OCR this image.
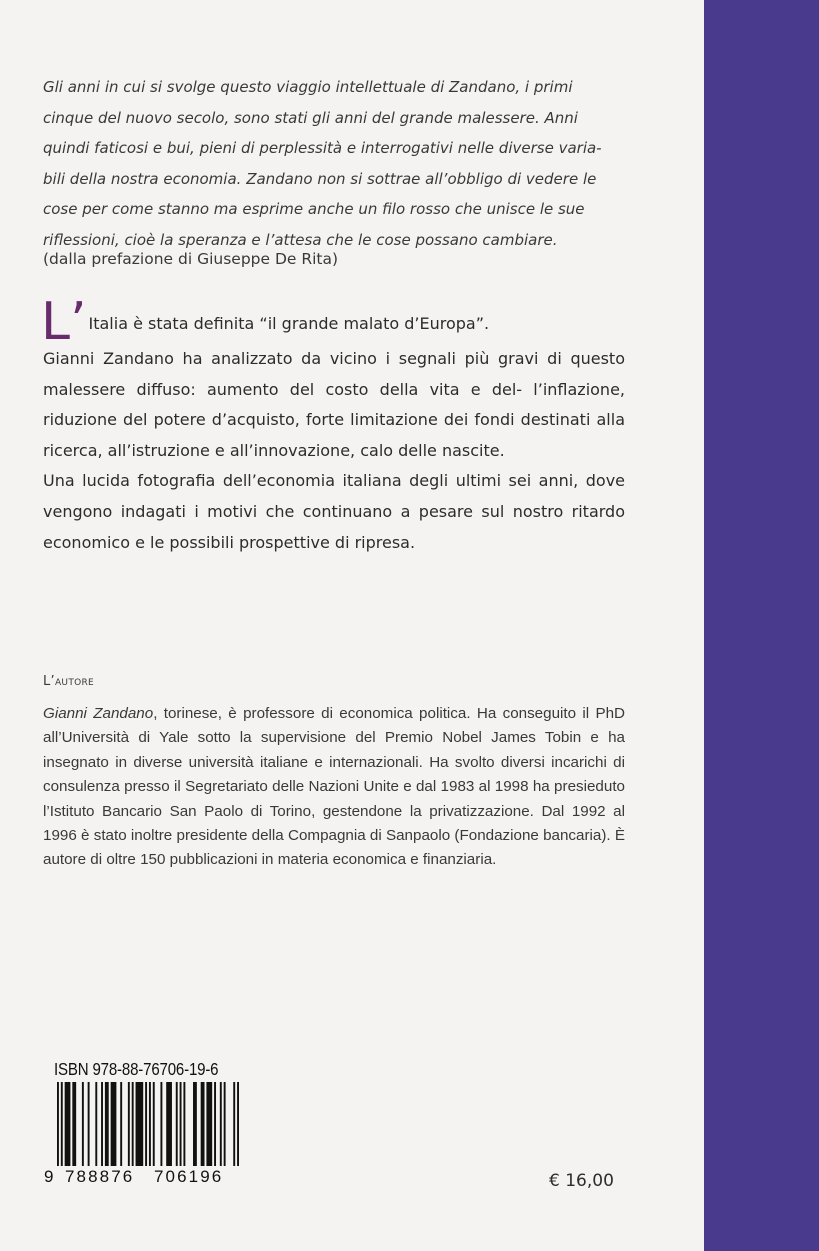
Gli anni in cui si svolge questo viaggio intellettuale di Zandano, i primi
cinque del nuovo secolo, sono stati gli anni del grande malessere. Anni
quindi faticosi e bui, pieni di perplessità e interrogativi nelle diverse varia-
bili della nostra economia. Zandano non si sottrae all’obbligo di vedere le
cose per come stanno ma esprime anche un filo rosso che unisce le sue
riflessioni, cioè la speranza e l’attesa che le cose possano cambiare.
(dalla prefazione di Giuseppe De Rita)
L’ Italia è stata definita “il grande malato d’Europa”.

Gianni Zandano ha analizzato da vicino i segnali più gravi di questo malessere diffuso: aumento del costo della vita e del- l’inflazione, riduzione del potere d’acquisto, forte limitazione dei fondi destinati alla ricerca, all’istruzione e all’innovazione, calo delle nascite.

Una lucida fotografia dell’economia italiana degli ultimi sei anni, dove vengono indagati i motivi che continuano a pesare sul nostro ritardo economico e le possibili prospettive di ripresa.

L’autore

Gianni Zandano, torinese, è professore di economica politica. Ha conseguito il PhD all’Università di Yale sotto la supervisione del Premio Nobel James Tobin e ha insegnato in diverse università italiane e internazionali. Ha svolto diversi incarichi di consulenza presso il Segretariato delle Nazioni Unite e dal 1983 al 1998 ha presieduto l’Istituto Bancario San Paolo di Torino, gestendone la privatizzazione. Dal 1992 al 1996 è stato inoltre presidente della Compagnia di Sanpaolo (Fondazione bancaria). È autore di oltre 150 pubblicazioni in materia economica e finanziaria.

ISBN 978-88-76706-19-6
9 788876 706196	€ 16,00
